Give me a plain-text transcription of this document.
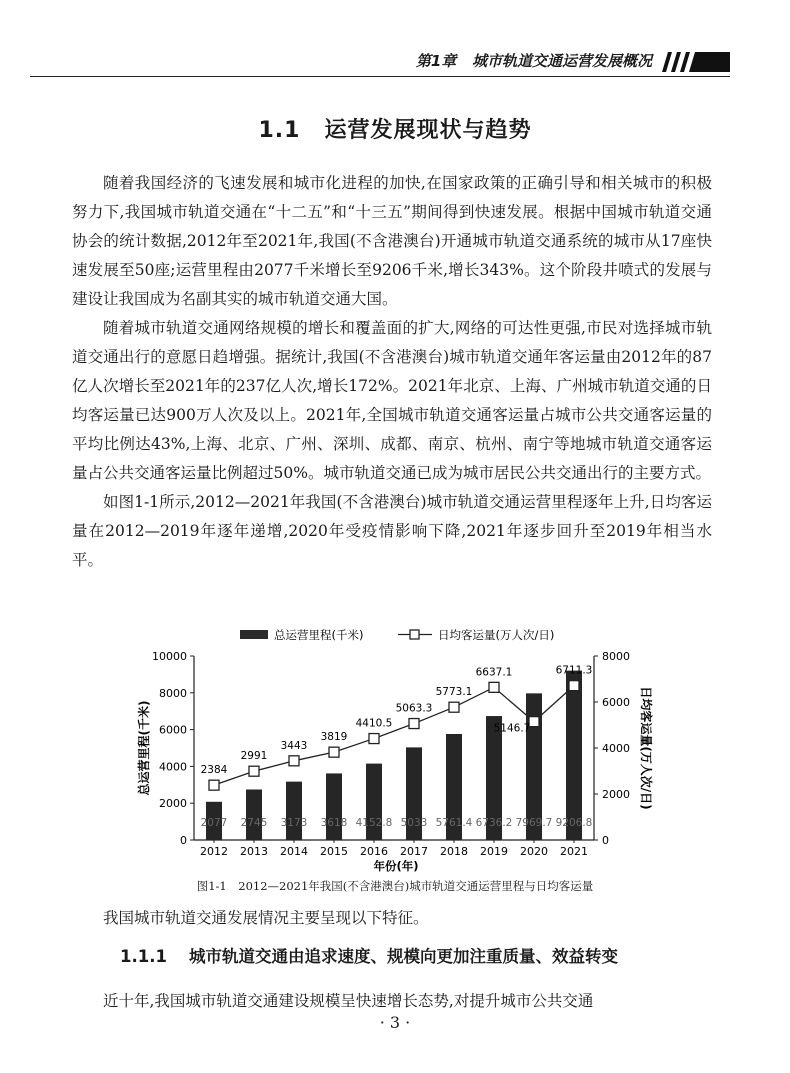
第1章 城市轨道交通运营发展概况
1.1 运营发展现状与趋势

随着我国经济的飞速发展和城市化进程的加快,在国家政策的正确引导和相关城市的积极努力下,我国城市轨道交通在“十二五”和“十三五”期间得到快速发展。根据中国城市轨道交通协会的统计数据,2012年至2021年,我国(不含港澳台)开通城市轨道交通系统的城市从17座快速发展至50座;运营里程由2077千米增长至9206千米,增长343%。这个阶段井喷式的发展与建设让我国成为名副其实的城市轨道交通大国。

随着城市轨道交通网络规模的增长和覆盖面的扩大,网络的可达性更强,市民对选择城市轨道交通出行的意愿日趋增强。据统计,我国(不含港澳台)城市轨道交通年客运量由2012年的87亿人次增长至2021年的237亿人次,增长172%。2021年北京、上海、广州城市轨道交通的日均客运量已达900万人次及以上。2021年,全国城市轨道交通客运量占城市公共交通客运量的平均比例达43%,上海、北京、广州、深圳、成都、南京、杭州、南宁等地城市轨道交通客运量占公共交通客运量比例超过50%。城市轨道交通已成为城市居民公共交通出行的主要方式。

如图1-1所示,2012—2021年我国(不含港澳台)城市轨道交通运营里程逐年上升,日均客运量在2012—2019年逐年递增,2020年受疫情影响下降,2021年逐步回升至2019年相当水平。

总运营里程(千米)	日均客运量(万人次/日)
0
2000
4000
6000
8000
10000
0
2000
4000
6000
8000
总运营里程(千米)	日均客运量(万人次/日)
2012
2077
2013
2745
2014
3173
2015
3618
2016
4152.8
2017
5033
2018
5761.4
2019
6736.2
2020
7969.7
2021
9206.8
2384
2991
3443
3819
4410.5
5063.3
5773.1
6637.1
5146.7
6711.3
年份(年)
图1-1　2012—2021年我国(不含港澳台)城市轨道交通运营里程与日均客运量

我国城市轨道交通发展情况主要呈现以下特征。

1.1.1 城市轨道交通由追求速度、规模向更加注重质量、效益转变

近十年,我国城市轨道交通建设规模呈快速增长态势,对提升城市公共交通

· 3 ·
